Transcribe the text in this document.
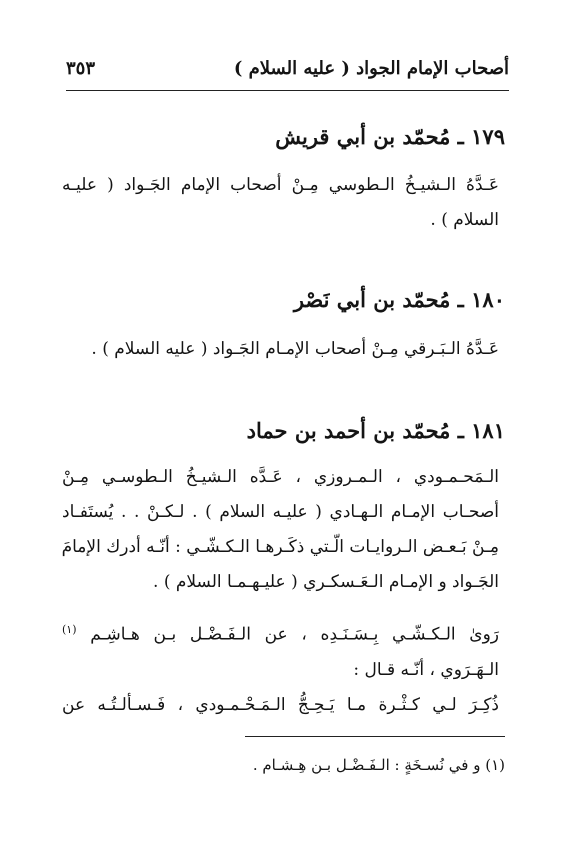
أصحاب الإمام الجواد ( عليه السلام )
٣٥٣
١٧٩ ـ مُحمّد بن أبي قريش
عَـدَّهُ الـشيـخُ الـطوسي مِـنْ أصحاب الإمام الجَـواد ( عليـه
السلام ) .
١٨٠ ـ مُحمّد بن أبي نَصْر
عَـدَّهُ الـبَـرقي مِـنْ أصحاب الإمـام الجَـواد ( عليه السلام ) .
١٨١ ـ مُحمّد بن أحمد بن حماد
الـمَحـمـودي ، الـمـروزي ، عَـدَّه الـشيـخُ الـطوسـي مِـنْ
أصحـاب الإمـام الـهـادي ( عليـه السلام ) . لـكـنْ . . يُستَفـاد
مِـنْ بَـعـض الـروايـات الّـتي ذكَـرهـا الـكـشّـي : أنّـه أدرك الإمامَ
الجَـواد و الإمـام الـعَـسكـري ( عليـهـمـا السلام ) .
رَوىٰ الـكـشّـي بِـسَـنَـدِه ، عن الـفَـضْـل بـن هـاشِـم $^{(١)}$
الـهَـرَوي ، أنّـه قـال :
ذُكِـرَ لـي كـثْـرة مـا يَـحِـجُّ الـمَـحْـمـودي ، فَـسـألـتُـه عن
(١) و في نُسـخَةٍ : الـفَـضْـل بـن هِـشـام .
